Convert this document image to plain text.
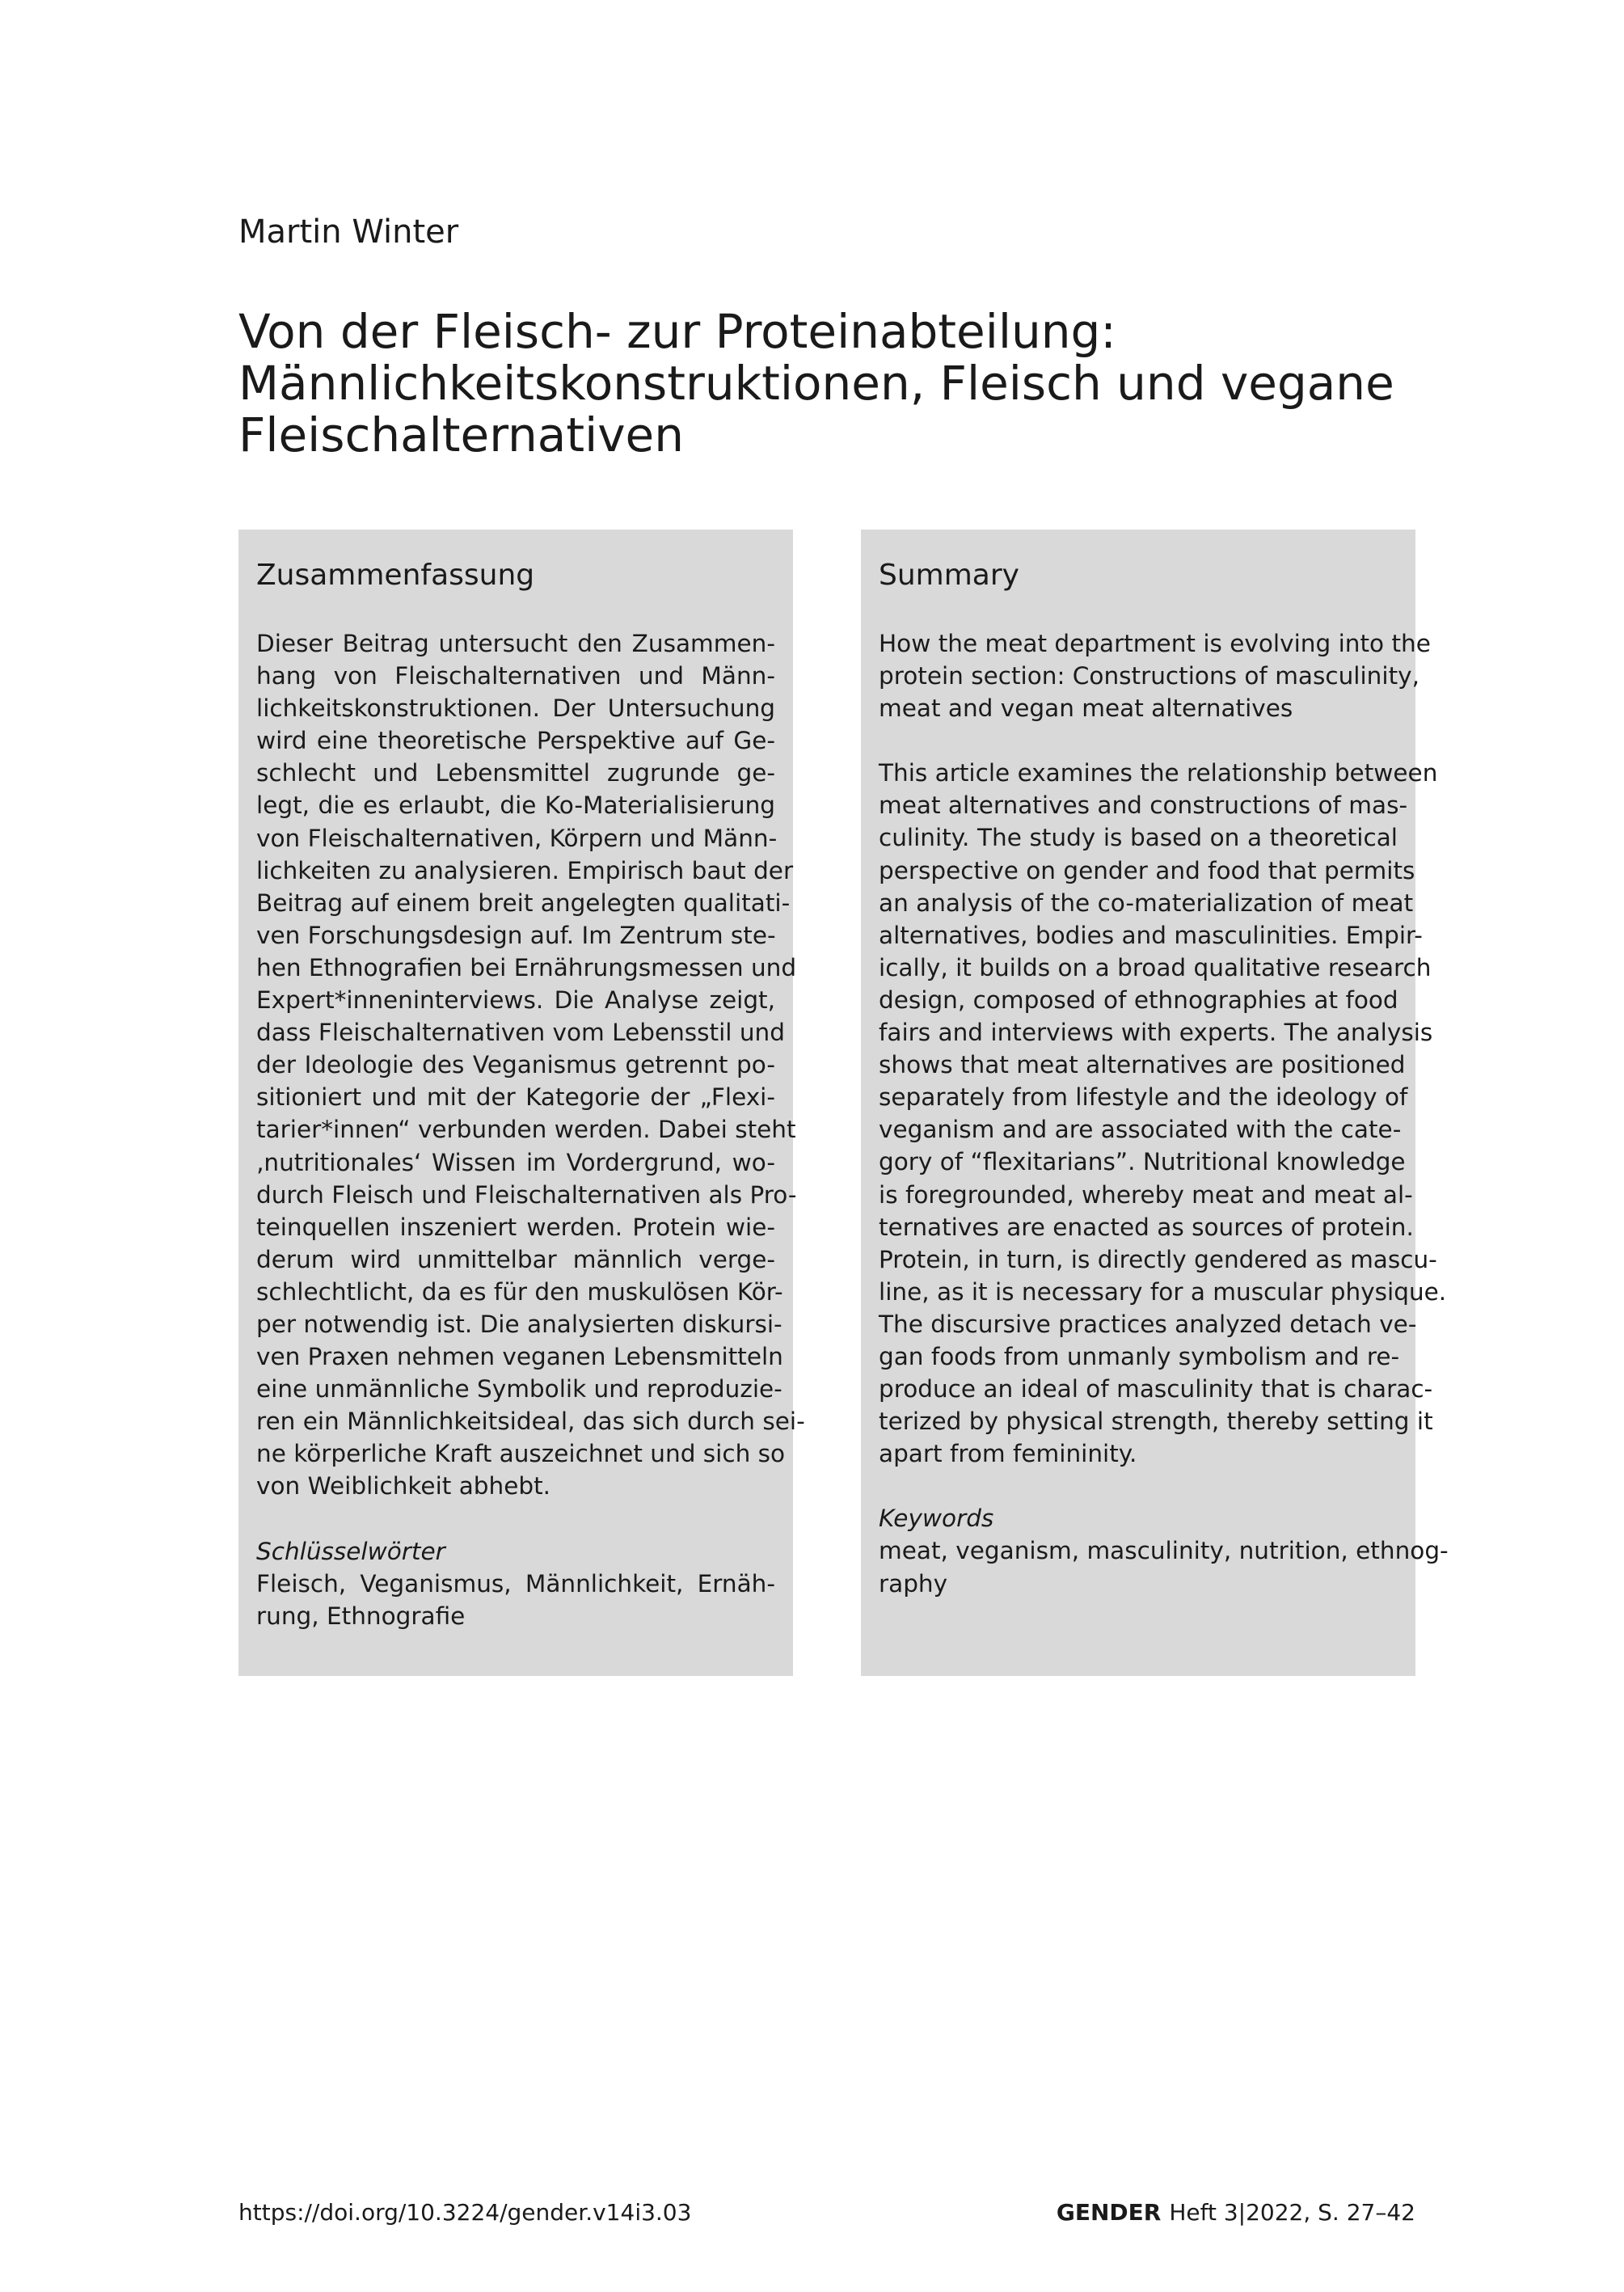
Martin Winter
Von der Fleisch- zur Proteinabteilung:
Männlichkeitskonstruktionen, Fleisch und vegane
Fleischalternativen
Zusammenfassung
Dieser Beitrag untersucht den Zusammen-
hang von Fleischalternativen und Männ-
lichkeitskonstruktionen. Der Untersuchung
wird eine theoretische Perspektive auf Ge-
schlecht und Lebensmittel zugrunde ge-
legt, die es erlaubt, die Ko-Materialisierung
von Fleischalternativen, Körpern und Männ-
lichkeiten zu analysieren. Empirisch baut der
Beitrag auf einem breit angelegten qualitati-
ven Forschungsdesign auf. Im Zentrum ste-
hen Ethnografien bei Ernährungsmessen und
Expert*inneninterviews. Die Analyse zeigt,
dass Fleischalternativen vom Lebensstil und
der Ideologie des Veganismus getrennt po-
sitioniert und mit der Kategorie der „Flexi-
tarier*innen“ verbunden werden. Dabei steht
‚nutritionales‘ Wissen im Vordergrund, wo-
durch Fleisch und Fleischalternativen als Pro-
teinquellen inszeniert werden. Protein wie-
derum wird unmittelbar männlich verge-
schlechtlicht, da es für den muskulösen Kör-
per notwendig ist. Die analysierten diskursi-
ven Praxen nehmen veganen Lebensmitteln
eine unmännliche Symbolik und reproduzie-
ren ein Männlichkeitsideal, das sich durch sei-
ne körperliche Kraft auszeichnet und sich so
von Weiblichkeit abhebt.
Schlüsselwörter
Fleisch, Veganismus, Männlichkeit, Ernäh-
rung, Ethnografie
Summary
How the meat department is evolving into the
protein section: Constructions of masculinity,
meat and vegan meat alternatives
This article examines the relationship between
meat alternatives and constructions of mas-
culinity. The study is based on a theoretical
perspective on gender and food that permits
an analysis of the co-materialization of meat
alternatives, bodies and masculinities. Empir-
ically, it builds on a broad qualitative research
design, composed of ethnographies at food
fairs and interviews with experts. The analysis
shows that meat alternatives are positioned
separately from lifestyle and the ideology of
veganism and are associated with the cate-
gory of “flexitarians”. Nutritional knowledge
is foregrounded, whereby meat and meat al-
ternatives are enacted as sources of protein.
Protein, in turn, is directly gendered as mascu-
line, as it is necessary for a muscular physique.
The discursive practices analyzed detach ve-
gan foods from unmanly symbolism and re-
produce an ideal of masculinity that is charac-
terized by physical strength, thereby setting it
apart from femininity.
Keywords
meat, veganism, masculinity, nutrition, ethnog-
raphy
https://doi.org/10.3224/gender.v14i3.03	GENDER Heft 3|2022, S. 27–42
